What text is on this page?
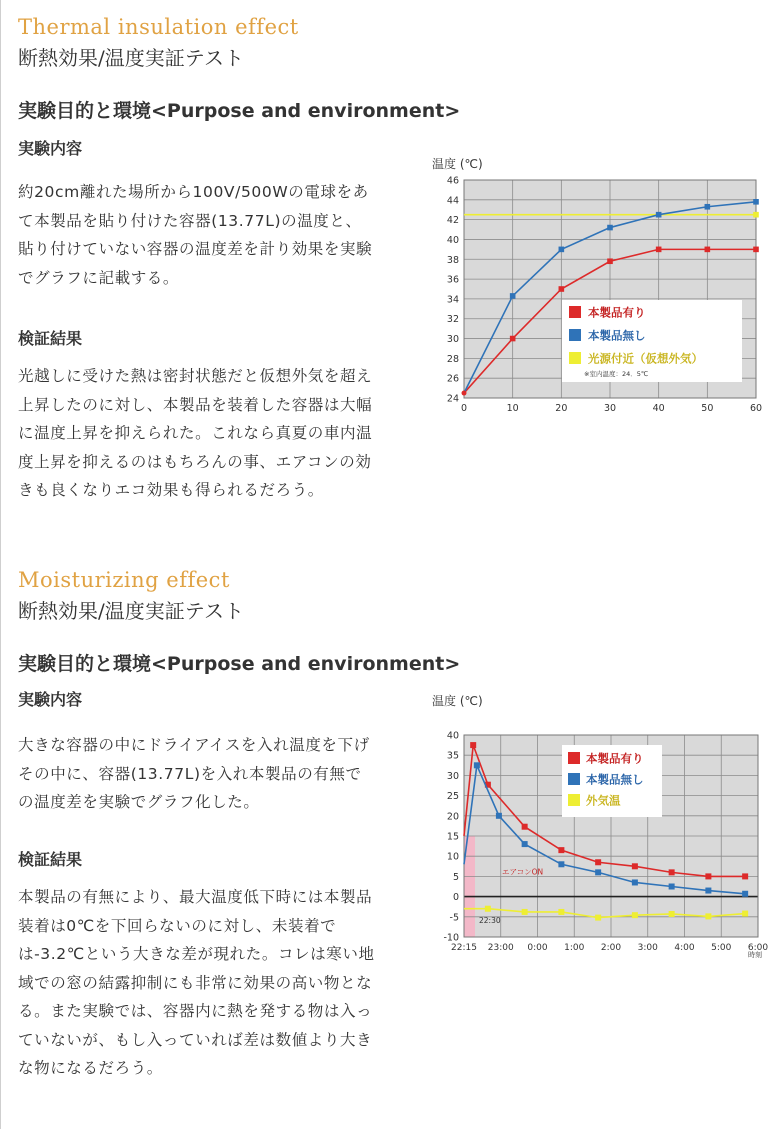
Thermal insulation effect
断熱効果/温度実証テスト
実験目的と環境<Purpose and environment>
実験内容

約20cm離れた場所から100V/500Wの電球をあて本製品を貼り付けた容器(13.77L)の温度と、貼り付けていない容器の温度差を計り効果を実験でグラフに記載する。

検証結果

光越しに受けた熱は密封状態だと仮想外気を超え上昇したのに対し、本製品を装着した容器は大幅に温度上昇を抑えられた。これなら真夏の車内温度上昇を抑えるのはもちろんの事、エアコンの効きも良くなりエコ効果も得られるだろう。

温度 (℃)
24
26
28
30
32
34
36
38
40
42
44
46
0	10	20	30	40	50	60
本製品有り
本製品無し
光源付近（仮想外気）
※室内温度：24．5℃
Moisturizing effect
断熱効果/温度実証テスト
実験目的と環境<Purpose and environment>
実験内容

大きな容器の中にドライアイスを入れ温度を下げその中に、容器(13.77L)を入れ本製品の有無での温度差を実験でグラフ化した。

検証結果

本製品の有無により、最大温度低下時には本製品装着は0℃を下回らないのに対し、未装着では-3.2℃という大きな差が現れた。コレは寒い地域での窓の結露抑制にも非常に効果の高い物となる。また実験では、容器内に熱を発する物は入っていないが、もし入っていれば差は数値より大きな物になるだろう。

温度 (℃)
-10
-5
0
5
10
15
20
25
30
35
40
22:15 23:00 0:00 1:00 2:00 3:00 4:00 5:00 6:00
エアコンON
22:30
時刻
本製品有り
本製品無し
外気温
